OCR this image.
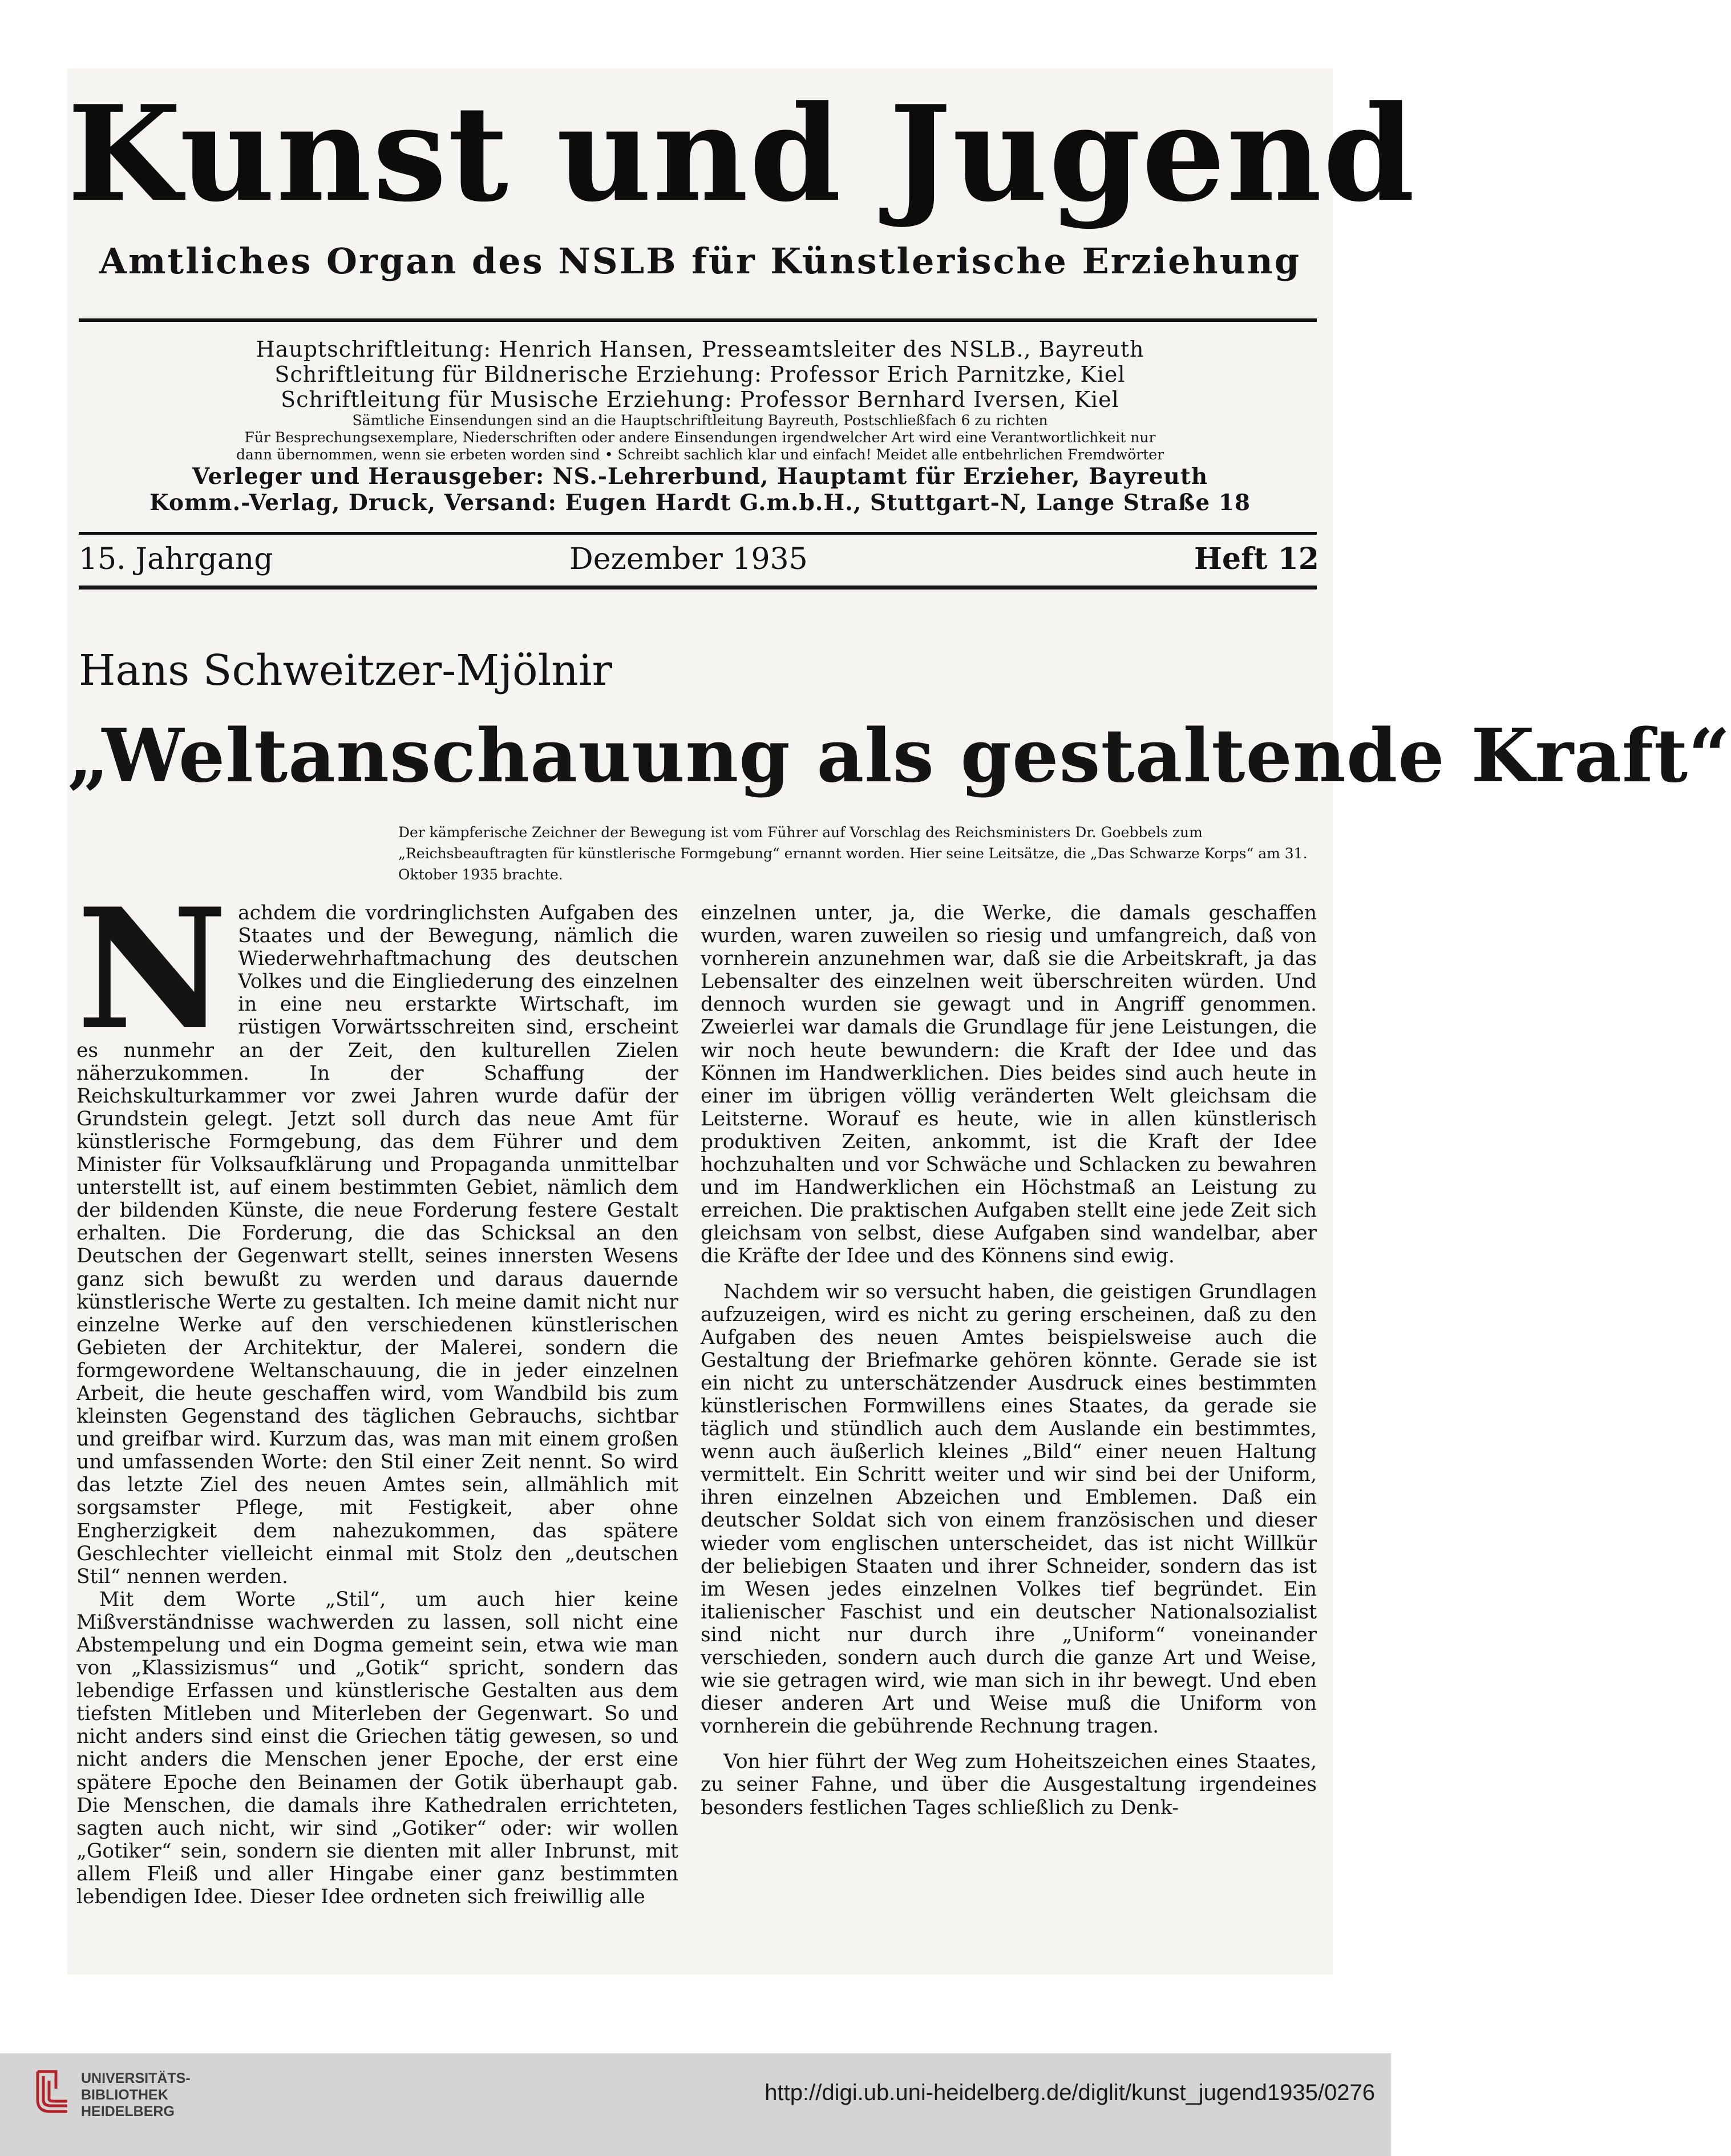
Kunst und Jugend
Amtliches Organ des NSLB für Künstlerische Erziehung
Hauptschriftleitung: Henrich Hansen, Presseamtsleiter des NSLB., Bayreuth
Schriftleitung für Bildnerische Erziehung: Professor Erich Parnitzke, Kiel
Schriftleitung für Musische Erziehung: Professor Bernhard Iversen, Kiel
Sämtliche Einsendungen sind an die Hauptschriftleitung Bayreuth, Postschließfach 6 zu richten
Für Besprechungsexemplare, Niederschriften oder andere Einsendungen irgendwelcher Art wird eine Verantwortlichkeit nur
dann übernommen, wenn sie erbeten worden sind • Schreibt sachlich klar und einfach! Meidet alle entbehrlichen Fremdwörter
Verleger und Herausgeber: NS.-Lehrerbund, Hauptamt für Erzieher, Bayreuth
Komm.-Verlag, Druck, Versand: Eugen Hardt G.m.b.H., Stuttgart-N, Lange Straße 18
15. Jahrgang	Dezember 1935	Heft 12
Hans Schweitzer-Mjölnir
„Weltanschauung als gestaltende Kraft“
Der kämpferische Zeichner der Bewegung ist vom Führer auf Vorschlag des Reichsministers Dr. Goebbels zum „Reichsbeauftragten für künstlerische Formgebung“ ernannt worden. Hier seine Leitsätze, die „Das Schwarze Korps“ am 31. Oktober 1935 brachte.

N achdem die vordringlichsten Aufgaben des Staates und der Bewegung, nämlich die Wiederwehrhaftmachung des deutschen Volkes und die Eingliederung des einzelnen in eine neu erstarkte Wirtschaft, im rüstigen Vorwärtsschreiten sind, erscheint es nunmehr an der Zeit, den kulturellen Zielen näherzukommen. In der Schaffung der Reichskulturkammer vor zwei Jahren wurde dafür der Grundstein gelegt. Jetzt soll durch das neue Amt für künstlerische Formgebung, das dem Führer und dem Minister für Volksaufklärung und Propaganda unmittelbar unterstellt ist, auf einem bestimmten Gebiet, nämlich dem der bildenden Künste, die neue Forderung festere Gestalt erhalten. Die Forderung, die das Schicksal an den Deutschen der Gegenwart stellt, seines innersten Wesens ganz sich bewußt zu werden und daraus dauernde künstlerische Werte zu gestalten. Ich meine damit nicht nur einzelne Werke auf den verschiedenen künstlerischen Gebieten der Architektur, der Malerei, sondern die formgewordene Weltanschauung, die in jeder einzelnen Arbeit, die heute geschaffen wird, vom Wandbild bis zum kleinsten Gegenstand des täglichen Gebrauchs, sichtbar und greifbar wird. Kurzum das, was man mit einem großen und umfassenden Worte: den Stil einer Zeit nennt. So wird das letzte Ziel des neuen Amtes sein, allmählich mit sorgsamster Pflege, mit Festigkeit, aber ohne Engherzigkeit dem nahezukommen, das spätere Geschlechter vielleicht einmal mit Stolz den „deutschen Stil“ nennen werden.

Mit dem Worte „Stil“, um auch hier keine Mißverständnisse wachwerden zu lassen, soll nicht eine Abstempelung und ein Dogma gemeint sein, etwa wie man von „Klassizismus“ und „Gotik“ spricht, sondern das lebendige Erfassen und künstlerische Gestalten aus dem tiefsten Mitleben und Miterleben der Gegenwart. So und nicht anders sind einst die Griechen tätig gewesen, so und nicht anders die Menschen jener Epoche, der erst eine spätere Epoche den Beinamen der Gotik überhaupt gab. Die Menschen, die damals ihre Kathedralen errichteten, sagten auch nicht, wir sind „Gotiker“ oder: wir wollen „Gotiker“ sein, sondern sie dienten mit aller Inbrunst, mit allem Fleiß und aller Hingabe einer ganz bestimmten lebendigen Idee. Dieser Idee ordneten sich freiwillig alle

einzelnen unter, ja, die Werke, die damals geschaffen wurden, waren zuweilen so riesig und umfangreich, daß von vornherein anzunehmen war, daß sie die Arbeitskraft, ja das Lebensalter des einzelnen weit überschreiten würden. Und dennoch wurden sie gewagt und in Angriff genommen. Zweierlei war damals die Grundlage für jene Leistungen, die wir noch heute bewundern: die Kraft der Idee und das Können im Handwerklichen. Dies beides sind auch heute in einer im übrigen völlig veränderten Welt gleichsam die Leitsterne. Worauf es heute, wie in allen künstlerisch produktiven Zeiten, ankommt, ist die Kraft der Idee hochzuhalten und vor Schwäche und Schlacken zu bewahren und im Handwerklichen ein Höchstmaß an Leistung zu erreichen. Die praktischen Aufgaben stellt eine jede Zeit sich gleichsam von selbst, diese Aufgaben sind wandelbar, aber die Kräfte der Idee und des Könnens sind ewig.

Nachdem wir so versucht haben, die geistigen Grundlagen aufzuzeigen, wird es nicht zu gering erscheinen, daß zu den Aufgaben des neuen Amtes beispielsweise auch die Gestaltung der Briefmarke gehören könnte. Gerade sie ist ein nicht zu unterschätzender Ausdruck eines bestimmten künstlerischen Formwillens eines Staates, da gerade sie täglich und stündlich auch dem Auslande ein bestimmtes, wenn auch äußerlich kleines „Bild“ einer neuen Haltung vermittelt. Ein Schritt weiter und wir sind bei der Uniform, ihren einzelnen Abzeichen und Emblemen. Daß ein deutscher Soldat sich von einem französischen und dieser wieder vom englischen unterscheidet, das ist nicht Willkür der beliebigen Staaten und ihrer Schneider, sondern das ist im Wesen jedes einzelnen Volkes tief begründet. Ein italienischer Faschist und ein deutscher Nationalsozialist sind nicht nur durch ihre „Uniform“ voneinander verschieden, sondern auch durch die ganze Art und Weise, wie sie getragen wird, wie man sich in ihr bewegt. Und eben dieser anderen Art und Weise muß die Uniform von vornherein die gebührende Rechnung tragen.

Von hier führt der Weg zum Hoheitszeichen eines Staates, zu seiner Fahne, und über die Ausgestaltung irgendeines besonders festlichen Tages schließlich zu Denk-

UNIVERSITÄTS-
BIBLIOTHEK
HEIDELBERG
http://digi.ub.uni-heidelberg.de/diglit/kunst_jugend1935/0276
